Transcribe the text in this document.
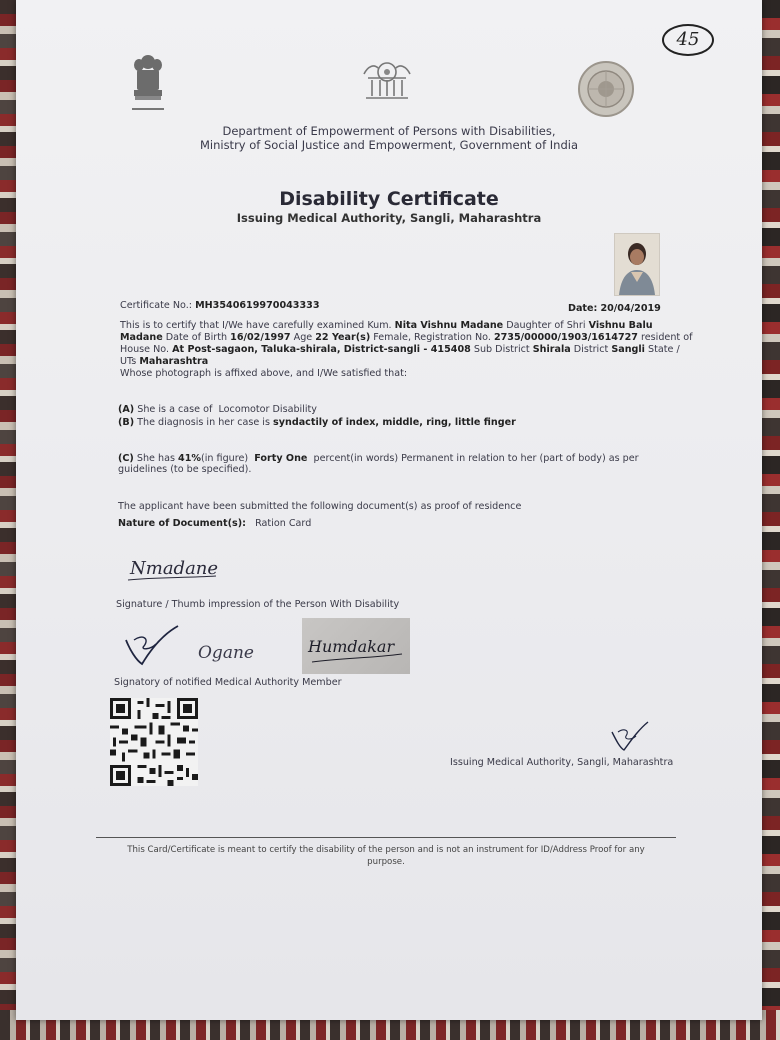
45
Department of Empowerment of Persons with Disabilities,
Ministry of Social Justice and Empowerment, Government of India
Disability Certificate
Issuing Medical Authority, Sangli, Maharashtra
Certificate No.: MH3540619970043333	Date: 20/04/2019
This is to certify that I/We have carefully examined Kum. Nita Vishnu Madane Daughter of Shri Vishnu Balu
Madane Date of Birth 16/02/1997 Age 22 Year(s) Female, Registration No. 2735/00000/1903/1614727 resident of
House No. At Post-sagaon, Taluka-shirala, District-sangli - 415408 Sub District Shirala District Sangli State /
UTs Maharashtra
Whose photograph is affixed above, and I/We satisfied that:
(A) She is a case of Locomotor Disability
(B) The diagnosis in her case is syndactily of index, middle, ring, little finger
(C) She has 41%(in figure) Forty One percent(in words) Permanent in relation to her (part of body) as per
guidelines (to be specified).
The applicant have been submitted the following document(s) as proof of residence
Nature of Document(s): Ration Card
Nmadane
Signature / Thumb impression of the Person With Disability
Ogane	Humdakar
Signatory of notified Medical Authority Member
Issuing Medical Authority, Sangli, Maharashtra
This Card/Certificate is meant to certify the disability of the person and is not an instrument for ID/Address Proof for any
purpose.
